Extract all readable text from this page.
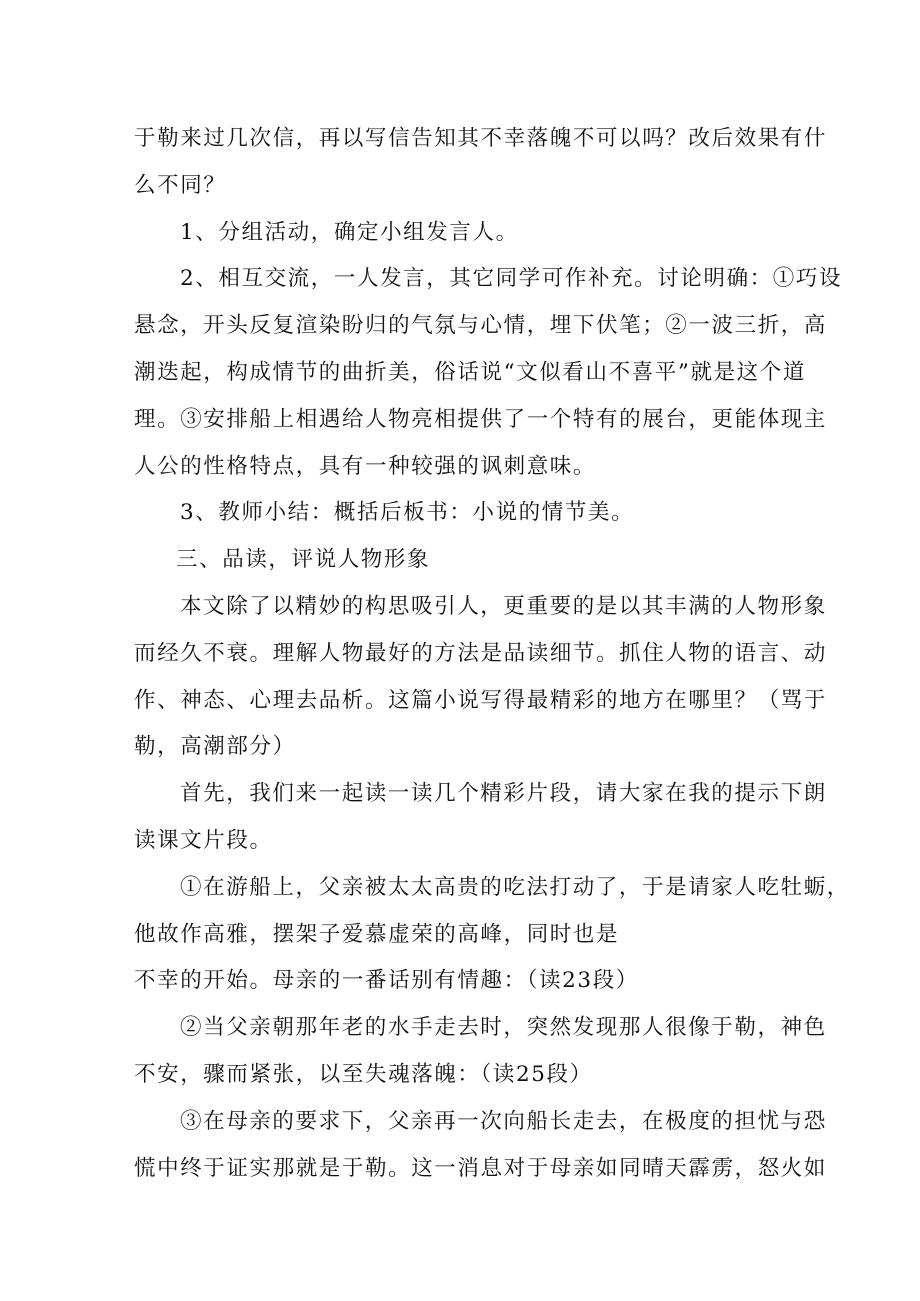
于勒来过几次信，再以写信告知其不幸落魄不可以吗？改后效果有什
么不同？

1、分组活动，确定小组发言人。

2、相互交流，一人发言，其它同学可作补充。讨论明确：①巧设
悬念，开头反复渲染盼归的气氛与心情，埋下伏笔；②一波三折，高
潮迭起，构成情节的曲折美，俗话说“文似看山不喜平”就是这个道
理。③安排船上相遇给人物亮相提供了一个特有的展台，更能体现主
人公的性格特点，具有一种较强的讽刺意味。

3、教师小结：概括后板书：小说的情节美。

三、品读，评说人物形象

本文除了以精妙的构思吸引人，更重要的是以其丰满的人物形象
而经久不衰。理解人物最好的方法是品读细节。抓住人物的语言、动
作、神态、心理去品析。这篇小说写得最精彩的地方在哪里？（骂于
勒，高潮部分）

首先，我们来一起读一读几个精彩片段，请大家在我的提示下朗
读课文片段。

①在游船上，父亲被太太高贵的吃法打动了，于是请家人吃牡蛎，
他故作高雅，摆架子爱慕虚荣的高峰，同时也是

不幸的开始。母亲的一番话别有情趣：（读23段）

②当父亲朝那年老的水手走去时，突然发现那人很像于勒，神色
不安，骤而紧张，以至失魂落魄：（读25段）

③在母亲的要求下，父亲再一次向船长走去，在极度的担忧与恐
慌中终于证实那就是于勒。这一消息对于母亲如同晴天霹雳，怒火如
